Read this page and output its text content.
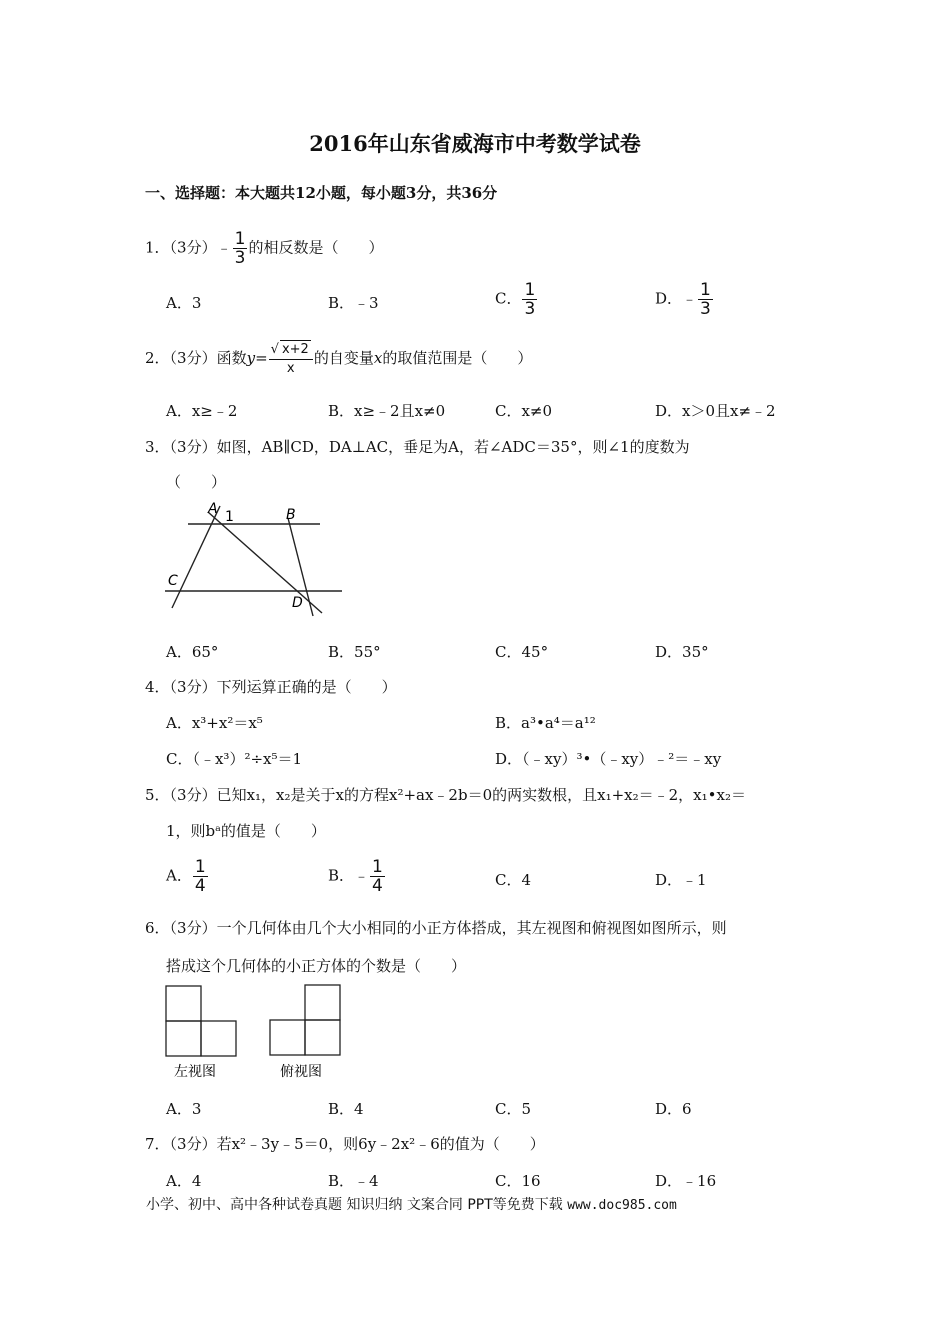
2016年山东省威海市中考数学试卷
一、选择题：本大题共12小题，每小题3分，共36分
1．（3分）﹣ $\frac{1}{3}$ 的相反数是（　　）
A．3	B．﹣3	C． $\frac{1}{3}$	D．﹣ $\frac{1}{3}$
2．（3分）函数$y= \frac{√ x+2}{x}$ 的自变量x的取值范围是（　　）
A．x≥﹣2	B．x≥﹣2且x≠0	C．x≠0	D．x＞0且x≠﹣2
3．（3分）如图，AB∥CD，DA⊥AC，垂足为A，若∠ADC＝35°，则∠1的度数为
（　　）
A 1	B
C
D
A．65°	B．55°	C．45°	D．35°
4．（3分）下列运算正确的是（　　）
A．x³+x²＝x⁵	B．a³•a⁴＝a¹²
C．（﹣x³）²÷x⁵＝1	D．（﹣xy）³•（﹣xy）﹣²＝﹣xy
5．（3分）已知x₁，x₂是关于x的方程x²+ax﹣2b＝0的两实数根，且x₁+x₂＝﹣2，x₁•x₂＝
1，则bᵃ的值是（　　）
A． $\frac{1}{4}$	B．﹣ $\frac{1}{4}$	C．4	D．﹣1
6．（3分）一个几何体由几个大小相同的小正方体搭成，其左视图和俯视图如图所示，则
搭成这个几何体的小正方体的个数是（　　）
左视图	俯视图
A．3	B．4	C．5	D．6
7．（3分）若x²﹣3y﹣5＝0，则6y﹣2x²﹣6的值为（　　）
A．4	B．﹣4	C．16	D．﹣16
小学、初中、高中各种试卷真题 知识归纳 文案合同 PPT等免费下载 www.doc985.com
